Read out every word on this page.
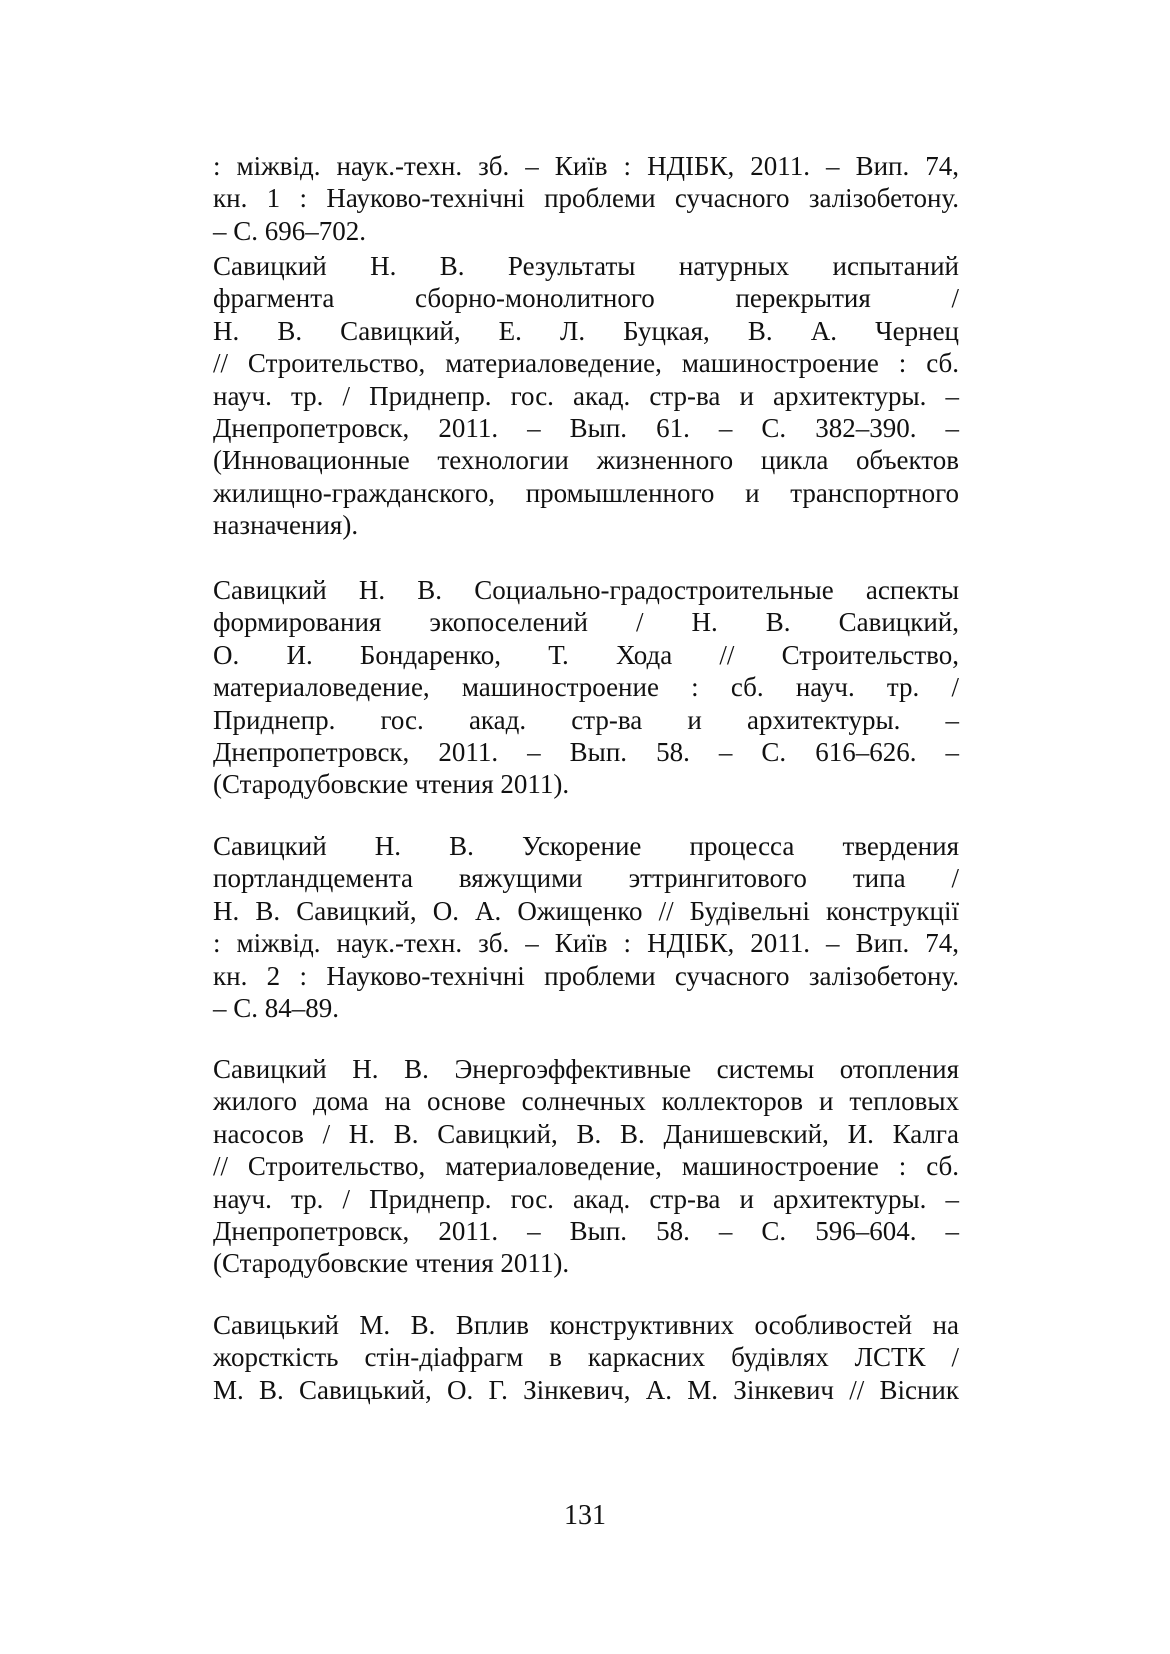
: міжвід. наук.-техн. зб. – Київ : НДІБК, 2011. – Вип. 74,
кн. 1 : Науково-технічні проблеми сучасного залізобетону.
– С. 696–702.
Савицкий Н. В. Результаты натурных испытаний
фрагмента сборно-монолитного перекрытия /
Н. В. Савицкий, Е. Л. Буцкая, В. А. Чернец
// Строительство, материаловедение, машиностроение : сб.
науч. тр. / Приднепр. гос. акад. стр-ва и архитектуры. –
Днепропетровск, 2011. – Вып. 61. – С. 382–390. –
(Инновационные технологии жизненного цикла объектов
жилищно-гражданского, промышленного и транспортного
назначения).
Савицкий Н. В. Социально-градостроительные аспекты
формирования экопоселений / Н. В. Савицкий,
О. И. Бондаренко, Т. Хода // Строительство,
материаловедение, машиностроение : сб. науч. тр. /
Приднепр. гос. акад. стр-ва и архитектуры. –
Днепропетровск, 2011. – Вып. 58. – С. 616–626. –
(Стародубовские чтения 2011).
Савицкий Н. В. Ускорение процесса твердения
портландцемента вяжущими эттрингитового типа /
Н. В. Савицкий, О. А. Ожищенко // Будівельні конструкції
: міжвід. наук.-техн. зб. – Київ : НДІБК, 2011. – Вип. 74,
кн. 2 : Науково-технічні проблеми сучасного залізобетону.
– С. 84–89.
Савицкий Н. В. Энергоэффективные системы отопления
жилого дома на основе солнечных коллекторов и тепловых
насосов / Н. В. Савицкий, В. В. Данишевский, И. Калга
// Строительство, материаловедение, машиностроение : сб.
науч. тр. / Приднепр. гос. акад. стр-ва и архитектуры. –
Днепропетровск, 2011. – Вып. 58. – С. 596–604. –
(Стародубовские чтения 2011).
Савицький М. В. Вплив конструктивних особливостей на
жорсткість стін-діафрагм в каркасних будівлях ЛСТК /
М. В. Савицький, О. Г. Зінкевич, А. М. Зінкевич // Вісник
131
